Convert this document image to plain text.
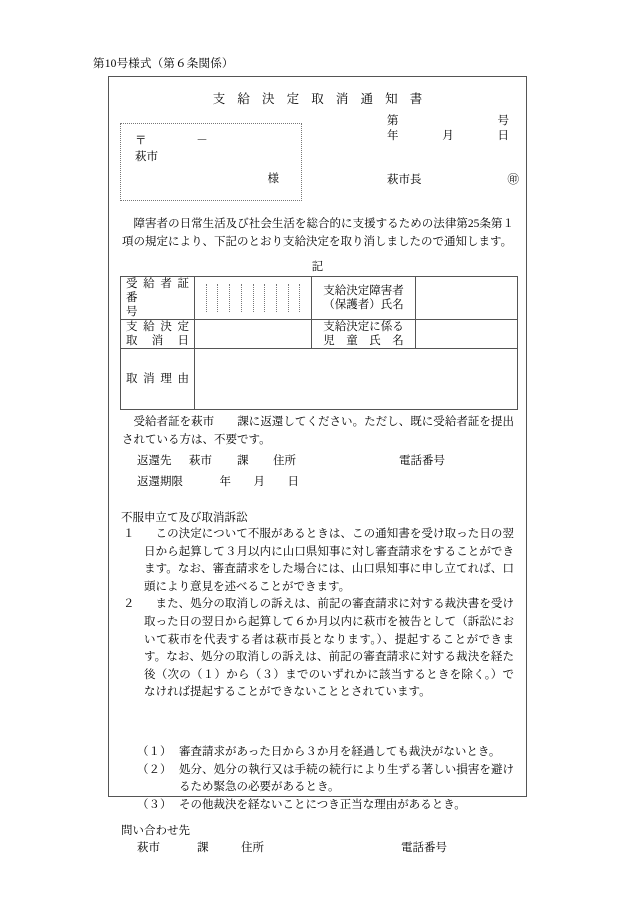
第10号様式（第６条関係）
支 給 決 定 取 消 通 知 書
第	号
年	月	日
〒	－
萩市
様	萩市長	㊞
障害者の日常生活及び社会生活を総合的に支援するための法律第25条第１項の規定により、下記のとおり支給決定を取り消しましたので通知します。
記
受 給 者 証
番　　　　号		支給決定障害者
（保護者）氏名	

支 給 決 定
取　消　日		支給決定に係る
児　童　氏　名	

取 消 理 由			

受給者証を萩市　　課に返還してください。ただし、既に受給者証を提出されている方は、不要です。
返還先 萩市 課 住所	電話番号
返還期限	年 月 日
不服申立て及び取消訴訟
１	この決定について不服があるときは、この通知書を受け取った日の翌日から起算して３月以内に山口県知事に対し審査請求をすることができます。なお、審査請求をした場合には、山口県知事に申し立てれば、口頭により意見を述べることができます。
２	また、処分の取消しの訴えは、前記の審査請求に対する裁決書を受け取った日の翌日から起算して６か月以内に萩市を被告として（訴訟において萩市を代表する者は萩市長となります。）、提起することができます。なお、処分の取消しの訴えは、前記の審査請求に対する裁決を経た後（次の（１）から（３）までのいずれかに該当するときを除く。）でなければ提起することができないこととされています。
（１） 審査請求があった日から３か月を経過しても裁決がないとき。
（２） 処分、処分の執行又は手続の続行により生ずる著しい損害を避けるため緊急の必要があるとき。
（３） その他裁決を経ないことにつき正当な理由があるとき。
問い合わせ先
萩市	課	住所	電話番号
